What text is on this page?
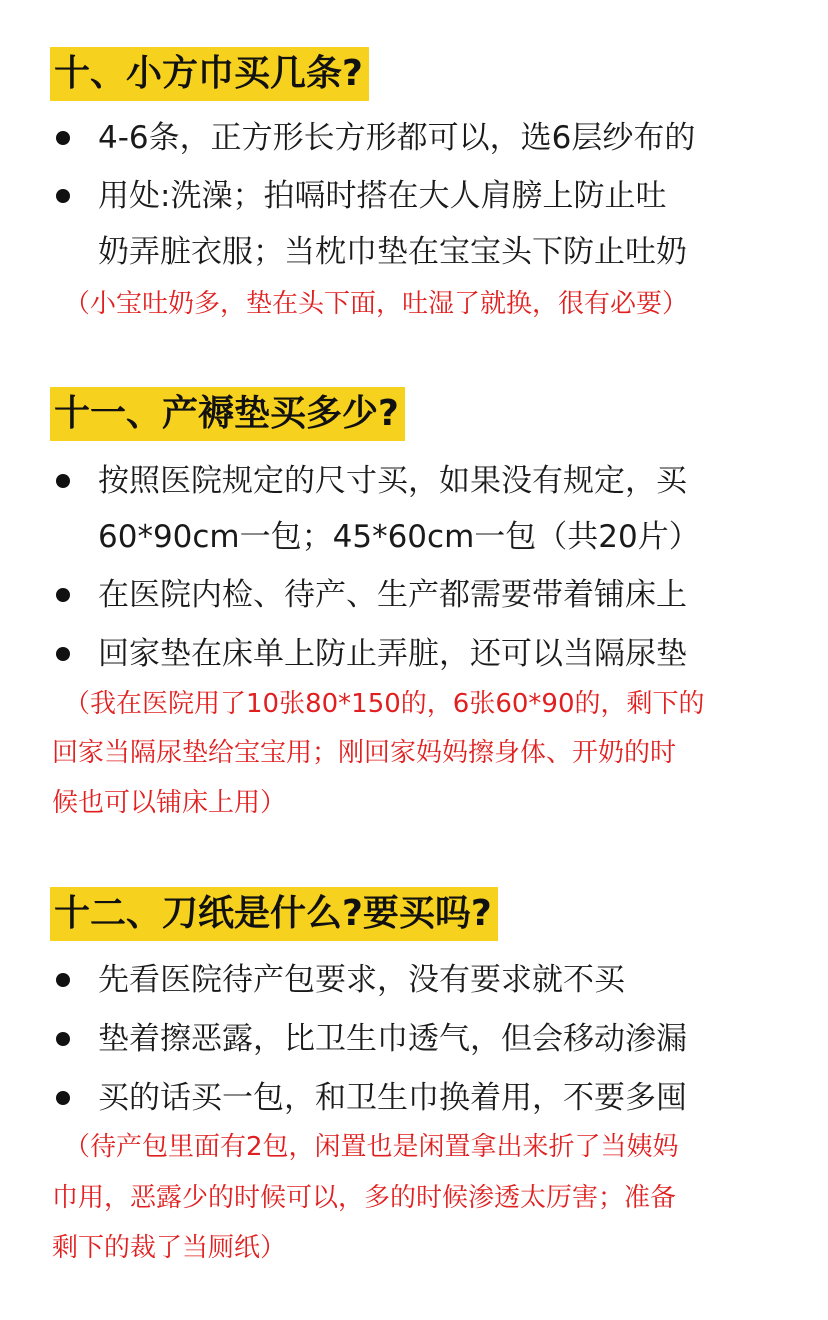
十、小方巾买几条?
4-6条，正方形长方形都可以，选6层纱布的
用处:洗澡；拍嗝时搭在大人肩膀上防止吐
奶弄脏衣服；当枕巾垫在宝宝头下防止吐奶
（小宝吐奶多，垫在头下面，吐湿了就换，很有必要）
十一、产褥垫买多少?
按照医院规定的尺寸买，如果没有规定，买
60*90cm一包；45*60cm一包（共20片）
在医院内检、待产、生产都需要带着铺床上
回家垫在床单上防止弄脏，还可以当隔尿垫
（我在医院用了10张80*150的，6张60*90的，剩下的
回家当隔尿垫给宝宝用；刚回家妈妈擦身体、开奶的时
候也可以铺床上用）
十二、刀纸是什么?要买吗?
先看医院待产包要求，没有要求就不买
垫着擦恶露，比卫生巾透气，但会移动渗漏
买的话买一包，和卫生巾换着用，不要多囤
（待产包里面有2包，闲置也是闲置拿出来折了当姨妈
巾用，恶露少的时候可以，多的时候渗透太厉害；准备
剩下的裁了当厕纸）
